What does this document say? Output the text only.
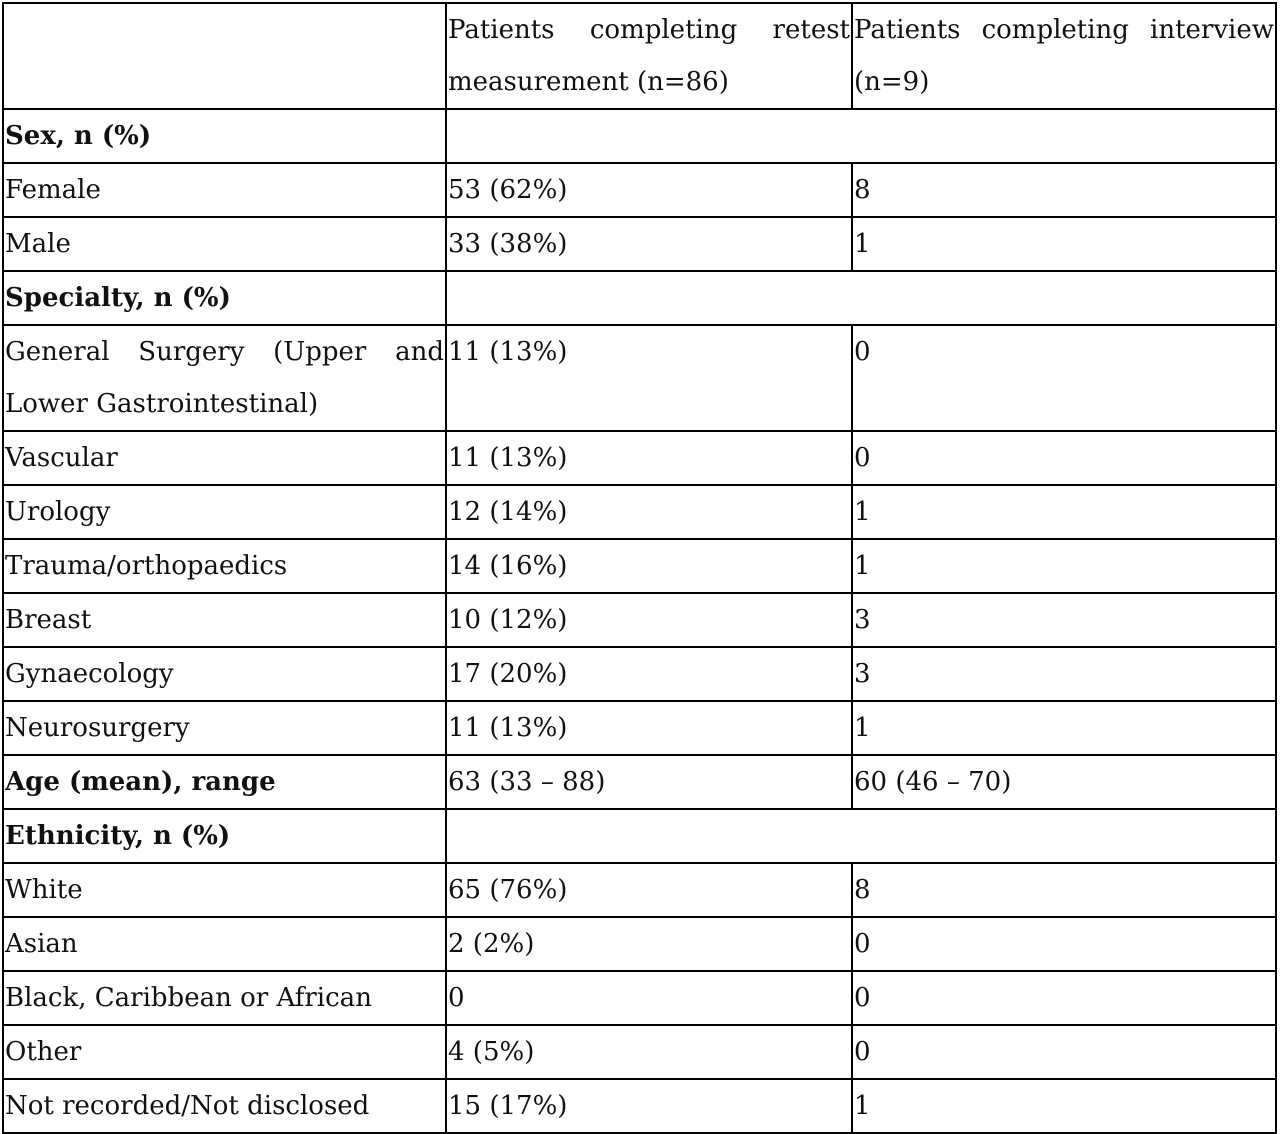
	Patients completing retest measurement (n=86)	Patients completing interview (n=9)
Sex, n (%)		
Female	53 (62%)	8
Male	33 (38%)	1
Specialty, n (%)		
General Surgery (Upper and Lower Gastrointestinal)	11 (13%)	0
Vascular	11 (13%)	0
Urology	12 (14%)	1
Trauma/orthopaedics	14 (16%)	1
Breast	10 (12%)	3
Gynaecology	17 (20%)	3
Neurosurgery	11 (13%)	1
Age (mean), range	63 (33 – 88)	60 (46 – 70)
Ethnicity, n (%)		
White	65 (76%)	8
Asian	2 (2%)	0
Black, Caribbean or African	0	0
Other	4 (5%)	0
Not recorded/Not disclosed	15 (17%)	1
